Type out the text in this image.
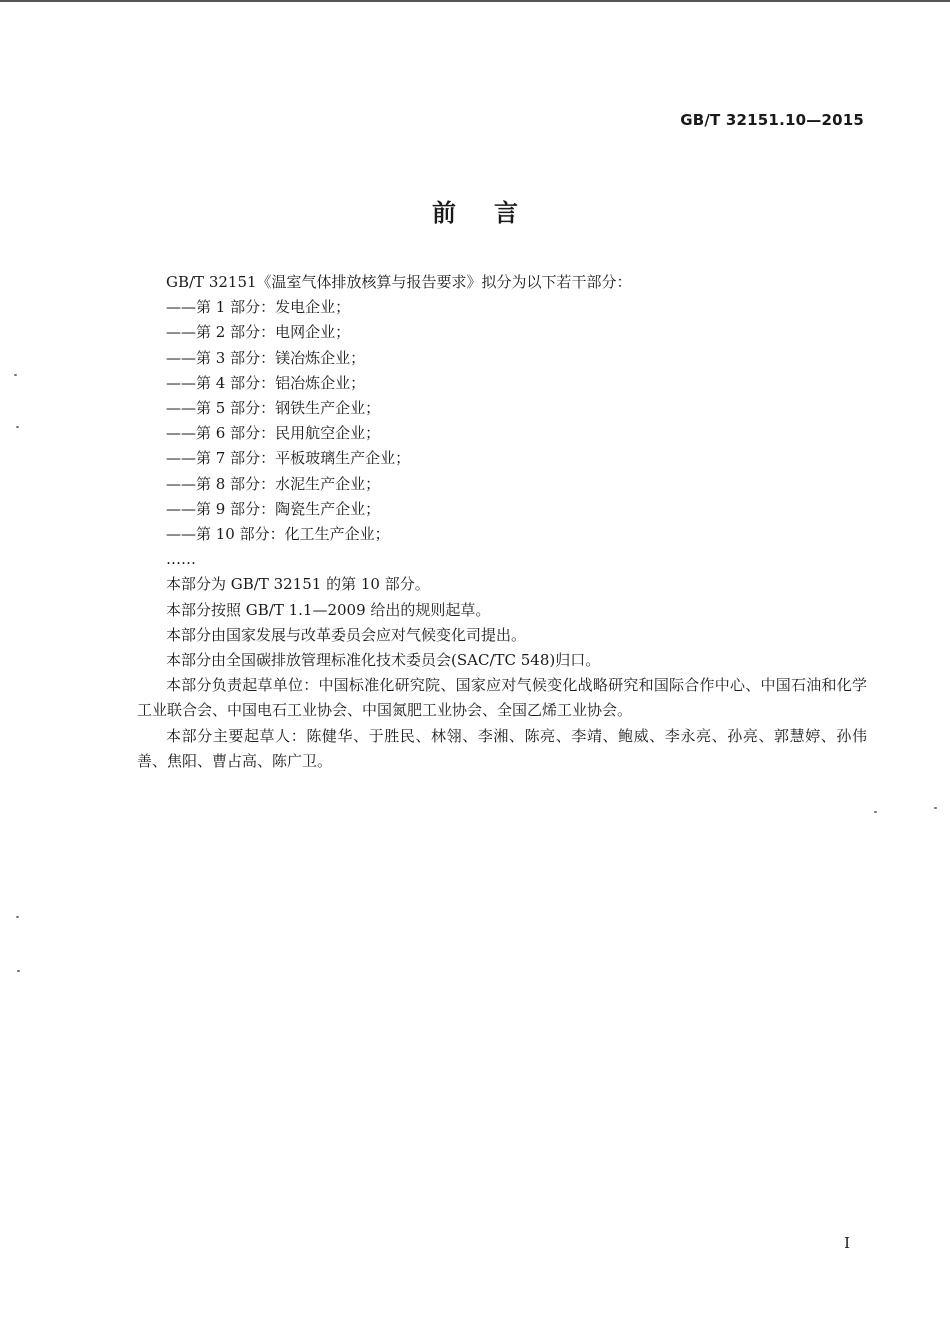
GB/T 32151.10—2015
前言

GB/T 32151《温室气体排放核算与报告要求》拟分为以下若干部分：

——第 1 部分：发电企业；
——第 2 部分：电网企业；
——第 3 部分：镁冶炼企业；
——第 4 部分：铝冶炼企业；
——第 5 部分：钢铁生产企业；
——第 6 部分：民用航空企业；
——第 7 部分：平板玻璃生产企业；
——第 8 部分：水泥生产企业；
——第 9 部分：陶瓷生产企业；
——第 10 部分：化工生产企业；

……

本部分为 GB/T 32151 的第 10 部分。

本部分按照 GB/T 1.1—2009 给出的规则起草。

本部分由国家发展与改革委员会应对气候变化司提出。

本部分由全国碳排放管理标准化技术委员会(SAC/TC 548)归口。

本部分负责起草单位：中国标准化研究院、国家应对气候变化战略研究和国际合作中心、中国石油和化学工业联合会、中国电石工业协会、中国氮肥工业协会、全国乙烯工业协会。

本部分主要起草人：陈健华、于胜民、林翎、李湘、陈亮、李靖、鲍威、李永亮、孙亮、郭慧婷、孙伟善、焦阳、曹占高、陈广卫。

I
